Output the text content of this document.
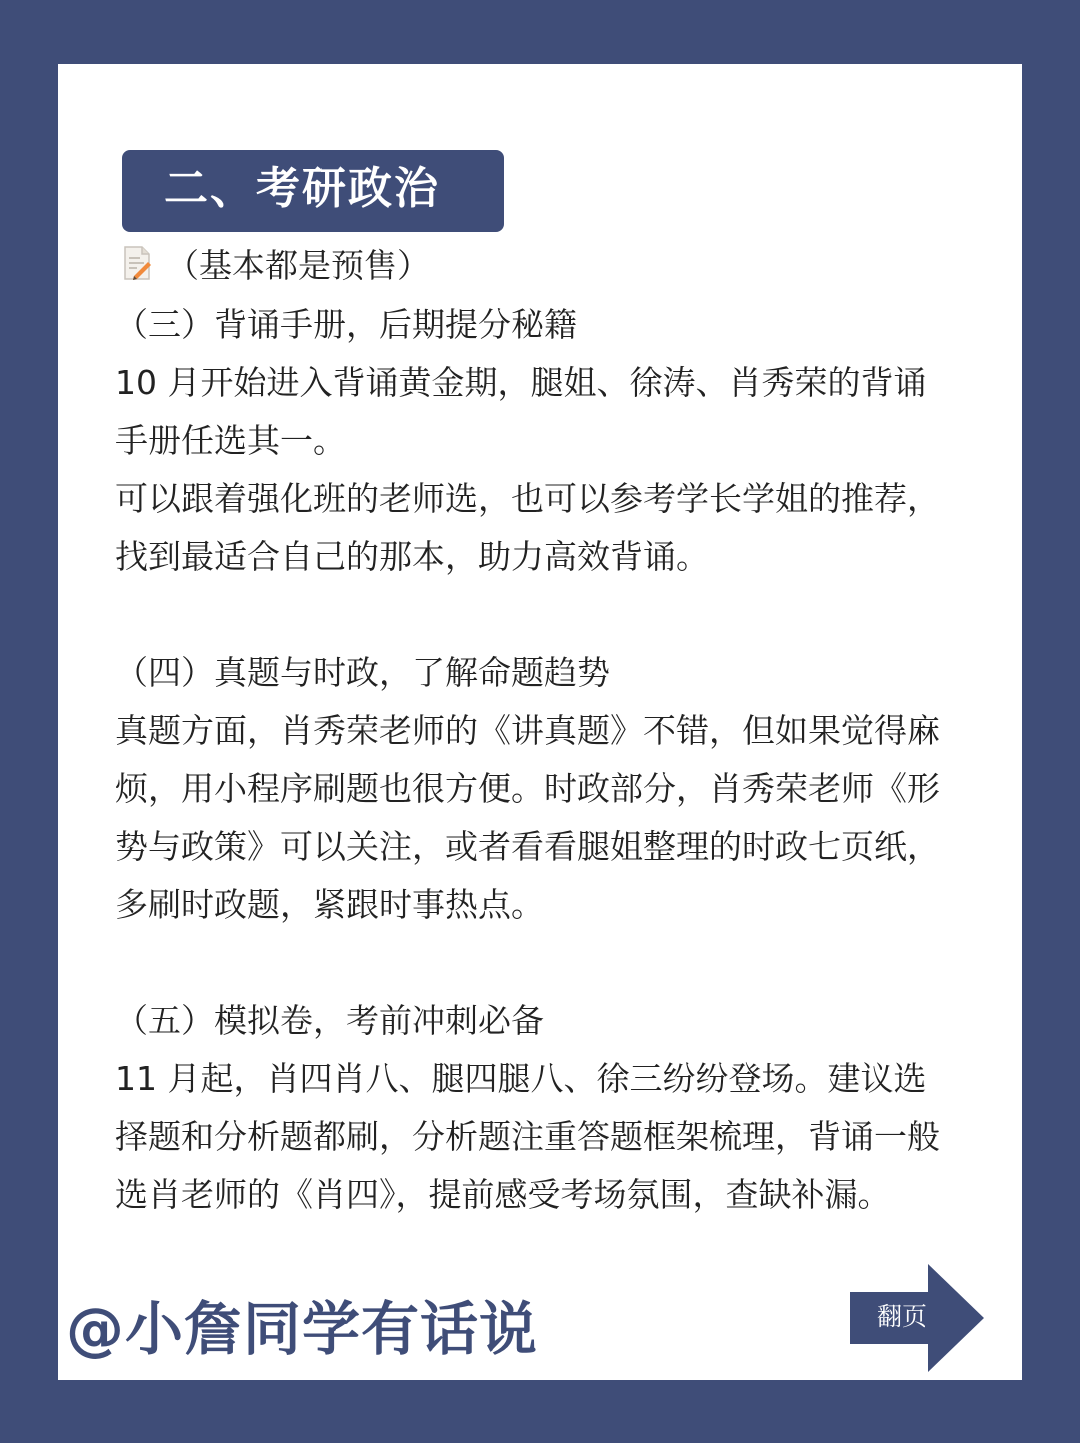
二、考研政治
（基本都是预售）
（三）背诵手册，后期提分秘籍
10 月开始进入背诵黄金期，腿姐、徐涛、肖秀荣的背诵
手册任选其一。
可以跟着强化班的老师选，也可以参考学长学姐的推荐，
找到最适合自己的那本，助力高效背诵。
（四）真题与时政，了解命题趋势
真题方面，肖秀荣老师的《讲真题》不错，但如果觉得麻
烦，用小程序刷题也很方便。时政部分，肖秀荣老师《形
势与政策》可以关注，或者看看腿姐整理的时政七页纸，
多刷时政题，紧跟时事热点。
（五）模拟卷，考前冲刺必备
11 月起，肖四肖八、腿四腿八、徐三纷纷登场。建议选
择题和分析题都刷，分析题注重答题框架梳理，背诵一般
选肖老师的《肖四》，提前感受考场氛围，查缺补漏。
@小詹同学有话说	翻页
